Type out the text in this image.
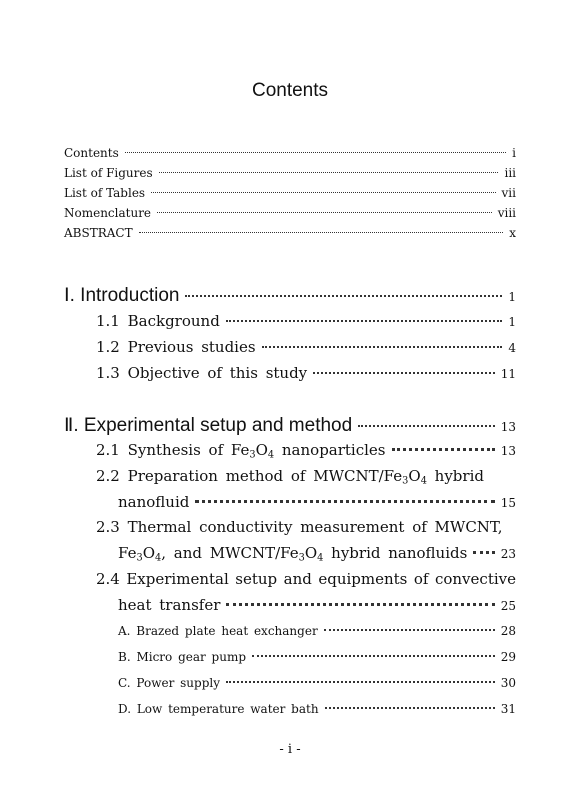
Contents
Contents	i
List of Figures	iii
List of Tables	vii
Nomenclature	viii
ABSTRACT	x
Ⅰ. Introduction	1
1.1 Background	1
1.2 Previous studies	4
1.3 Objective of this study	11
Ⅱ. Experimental setup and method	13
2.1 Synthesis of $Fe_3O_4$ nanoparticles	13
2.2 Preparation method of MWCNT/$Fe_3O_4$ hybrid
nanofluid	15
2.3 Thermal conductivity measurement of MWCNT,
$Fe_3O_4$, and MWCNT/$Fe_3O_4$ hybrid nanofluids	23
2.4 Experimental setup and equipments of convective
heat transfer	25
A. Brazed plate heat exchanger	28
B. Micro gear pump	29
C. Power supply	30
D. Low temperature water bath	31
- i -
